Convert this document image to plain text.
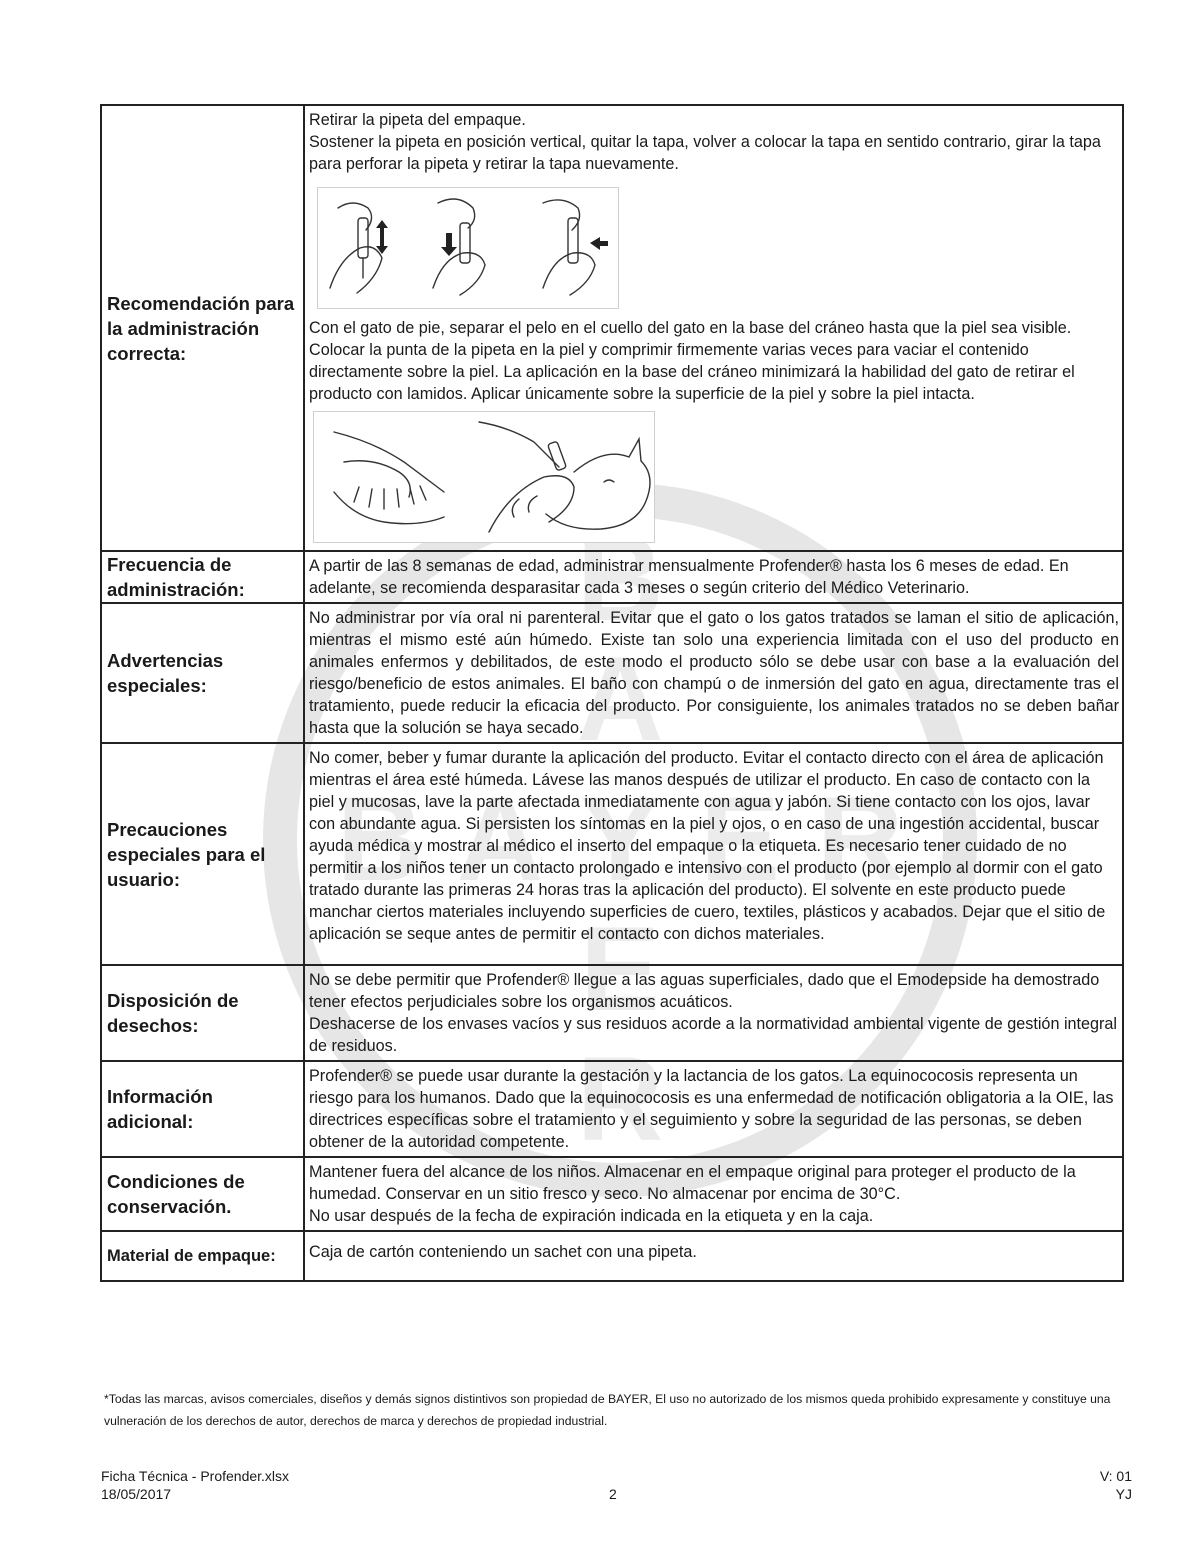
B
A
Y
E
R
B A E R
Recomendación para la administración correcta:	Retirar la pipeta del empaque.

Sostener la pipeta en posición vertical, quitar la tapa, volver a colocar la tapa en sentido contrario, girar la tapa para perforar la pipeta y retirar la tapa nuevamente.

Con el gato de pie, separar el pelo en el cuello del gato en la base del cráneo hasta que la piel sea visible. Colocar la punta de la pipeta en la piel y comprimir firmemente varias veces para vaciar el contenido directamente sobre la piel. La aplicación en la base del cráneo minimizará la habilidad del gato de retirar el producto con lamidos. Aplicar únicamente sobre la superficie de la piel y sobre la piel intacta.

Frecuencia de administración:	A partir de las 8 semanas de edad, administrar mensualmente Profender® hasta los 6 meses de edad. En adelante, se recomienda desparasitar cada 3 meses o según criterio del Médico Veterinario.

Advertencias especiales:	No administrar por vía oral ni parenteral. Evitar que el gato o los gatos tratados se laman el sitio de aplicación, mientras el mismo esté aún húmedo. Existe tan solo una experiencia limitada con el uso del producto en animales enfermos y debilitados, de este modo el producto sólo se debe usar con base a la evaluación del riesgo/beneficio de estos animales. El baño con champú o de inmersión del gato en agua, directamente tras el tratamiento, puede reducir la eficacia del producto. Por consiguiente, los animales tratados no se deben bañar hasta que la solución se haya secado.

Precauciones especiales para el usuario:	No comer, beber y fumar durante la aplicación del producto. Evitar el contacto directo con el área de aplicación mientras el área esté húmeda. Lávese las manos después de utilizar el producto. En caso de contacto con la piel y mucosas, lave la parte afectada inmediatamente con agua y jabón. Si tiene contacto con los ojos, lavar con abundante agua. Si persisten los síntomas en la piel y ojos, o en caso de una ingestión accidental, buscar ayuda médica y mostrar al médico el inserto del empaque o la etiqueta. Es necesario tener cuidado de no permitir a los niños tener un contacto prolongado e intensivo con el producto (por ejemplo al dormir con el gato tratado durante las primeras 24 horas tras la aplicación del producto). El solvente en este producto puede manchar ciertos materiales incluyendo superficies de cuero, textiles, plásticos y acabados. Dejar que el sitio de aplicación se seque antes de permitir el contacto con dichos materiales.

Disposición de desechos:	No se debe permitir que Profender® llegue a las aguas superficiales, dado que el Emodepside ha demostrado tener efectos perjudiciales sobre los organismos acuáticos.

Deshacerse de los envases vacíos y sus residuos acorde a la normatividad ambiental vigente de gestión integral de residuos.

Información adicional:	Profender® se puede usar durante la gestación y la lactancia de los gatos. La equinococosis representa un riesgo para los humanos. Dado que la equinococosis es una enfermedad de notificación obligatoria a la OIE, las directrices específicas sobre el tratamiento y el seguimiento y sobre la seguridad de las personas, se deben obtener de la autoridad competente.

Condiciones de conservación.	Mantener fuera del alcance de los niños. Almacenar en el empaque original para proteger el producto de la humedad. Conservar en un sitio fresco y seco. No almacenar por encima de 30°C.

No usar después de la fecha de expiración indicada en la etiqueta y en la caja.

Material de empaque:	Caja de cartón conteniendo un sachet con una pipeta.

*Todas las marcas, avisos comerciales, diseños y demás signos distintivos son propiedad de BAYER, El uso no autorizado de los mismos queda prohibido expresamente y constituye una vulneración de los derechos de autor, derechos de marca y derechos de propiedad industrial.
Ficha Técnica - Profender.xlsx
18/05/2017	2
V: 01
YJ
